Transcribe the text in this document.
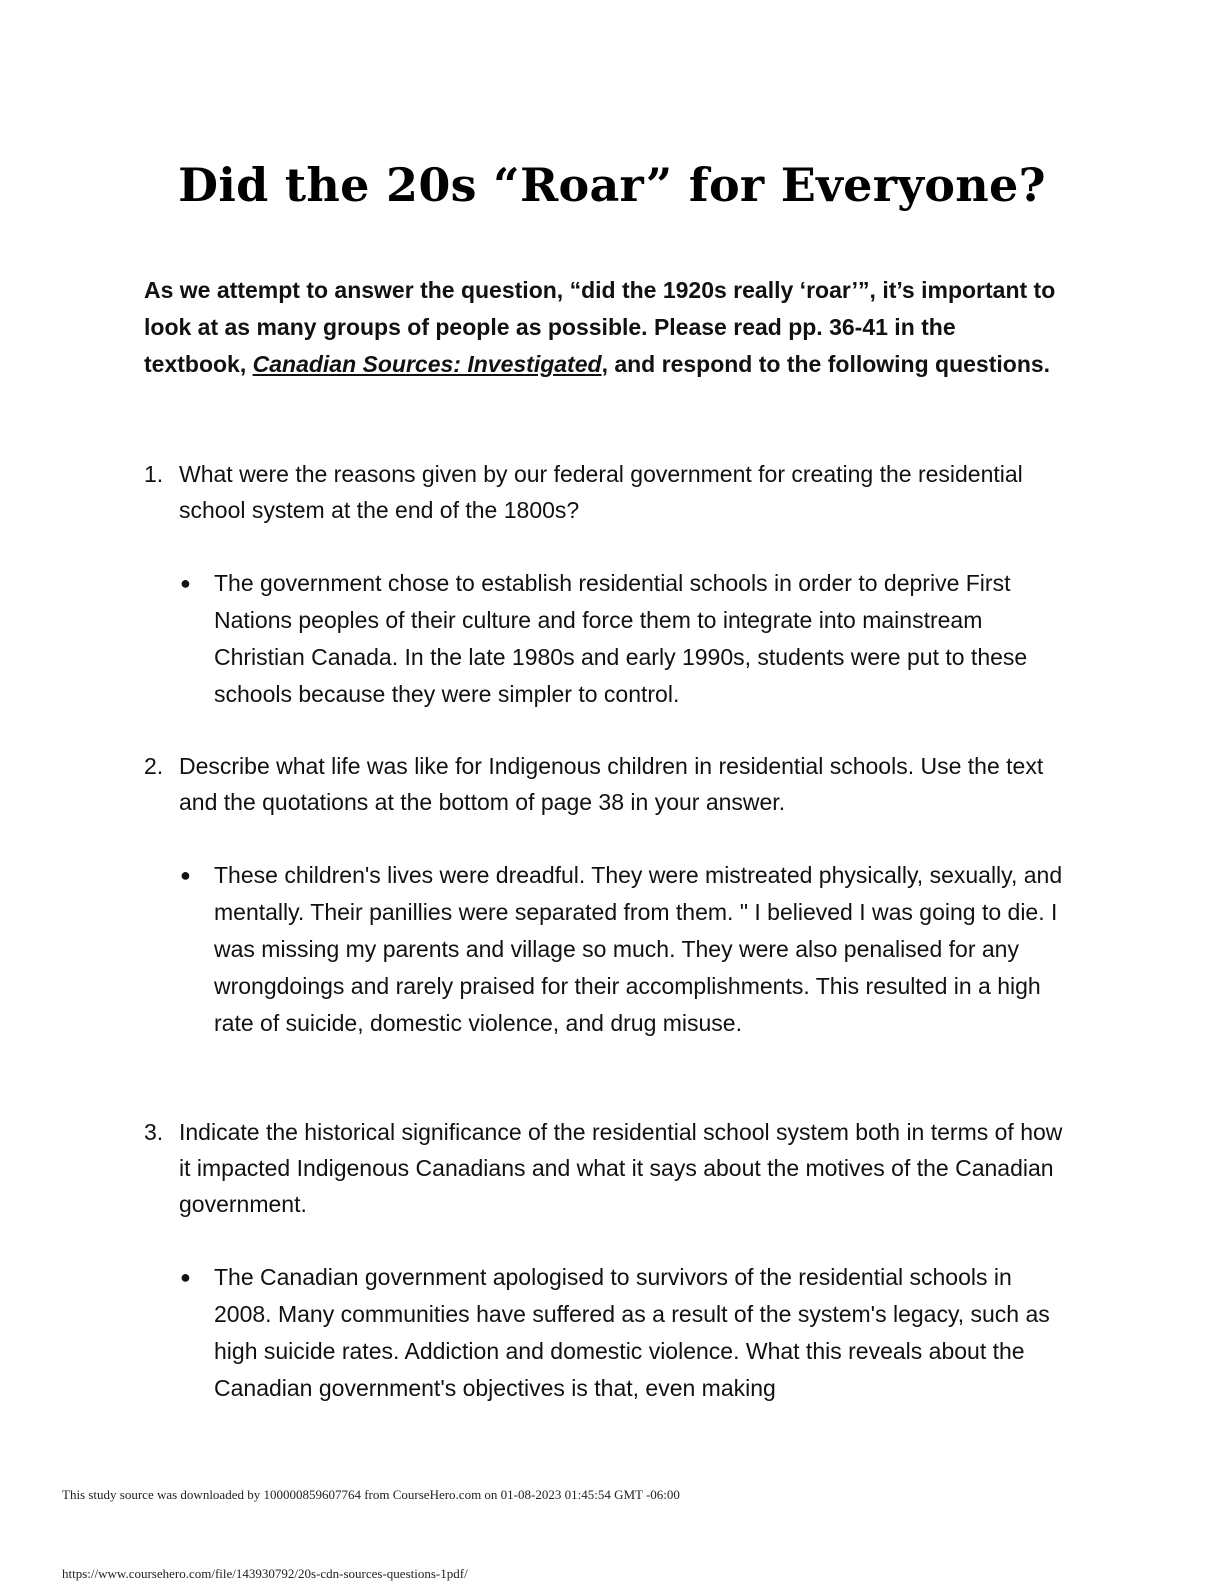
Did the 20s “Roar” for Everyone?

As we attempt to answer the question, “did the 1920s really ‘roar’”, it’s important to look at as many groups of people as possible. Please read pp. 36-41 in the textbook, Canadian Sources: Investigated, and respond to the following questions.

1. What were the reasons given by our federal government for creating the residential school system at the end of the 1800s?
● The government chose to establish residential schools in order to deprive First Nations peoples of their culture and force them to integrate into mainstream Christian Canada. In the late 1980s and early 1990s, students were put to these schools because they were simpler to control.
2. Describe what life was like for Indigenous children in residential schools. Use the text and the quotations at the bottom of page 38 in your answer.
● These children's lives were dreadful. They were mistreated physically, sexually, and mentally. Their panillies were separated from them. " I believed I was going to die. I was missing my parents and village so much. They were also penalised for any wrongdoings and rarely praised for their accomplishments. This resulted in a high rate of suicide, domestic violence, and drug misuse.
3. Indicate the historical significance of the residential school system both in terms of how it impacted Indigenous Canadians and what it says about the motives of the Canadian government.
● The Canadian government apologised to survivors of the residential schools in 2008. Many communities have suffered as a result of the system's legacy, such as high suicide rates. Addiction and domestic violence. What this reveals about the Canadian government's objectives is that, even making
This study source was downloaded by 100000859607764 from CourseHero.com on 01-08-2023 01:45:54 GMT -06:00
https://www.coursehero.com/file/143930792/20s-cdn-sources-questions-1pdf/
